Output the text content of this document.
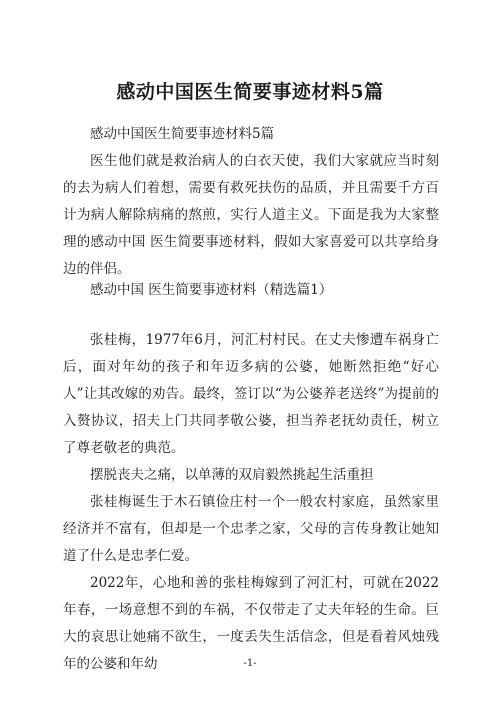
感动中国医生简要事迹材料5篇

感动中国医生简要事迹材料5篇

医生他们就是救治病人的白衣天使，我们大家就应当时刻的去为病人们着想，需要有救死扶伤的品质，并且需要千方百计为病人解除病痛的熬煎，实行人道主义。下面是我为大家整理的感动中国 医生简要事迹材料，假如大家喜爱可以共享给身边的伴侣。

感动中国 医生简要事迹材料（精选篇1）

张桂梅，1977年6月，河汇村村民。在丈夫惨遭车祸身亡后，面对年幼的孩子和年迈多病的公婆，她断然拒绝“好心人”让其改嫁的劝告。最终，签订以“为公婆养老送终”为提前的入赘协议，招夫上门共同孝敬公婆，担当养老抚幼责任，树立了尊老敬老的典范。

摆脱丧夫之痛，以单薄的双肩毅然挑起生活重担

张桂梅诞生于木石镇俭庄村一个一般农村家庭，虽然家里经济并不富有，但却是一个忠孝之家，父母的言传身教让她知道了什么是忠孝仁爱。

2022年，心地和善的张桂梅嫁到了河汇村，可就在2022年春，一场意想不到的车祸，不仅带走了丈夫年轻的生命。巨大的哀思让她痛不欲生，一度丢失生活信念，但是看着风烛残年的公婆和年幼	-1-
